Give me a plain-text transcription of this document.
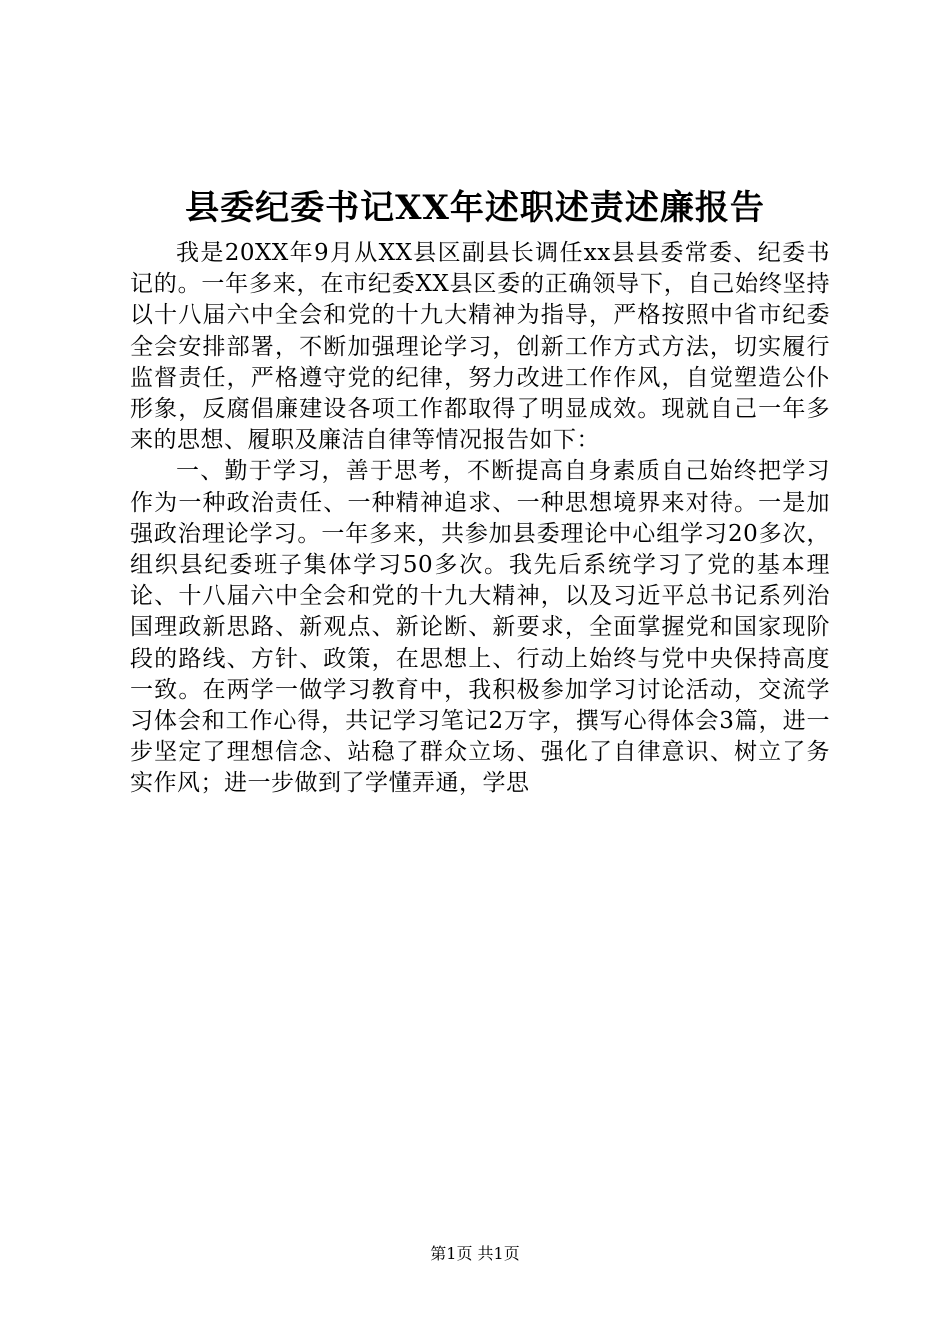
县委纪委书记XX年述职述责述廉报告

我是20XX年9月从XX县区副县长调任xx县县委常委、纪委书记的。一年多来，在市纪委XX县区委的正确领导下，自己始终坚持以十八届六中全会和党的十九大精神为指导，严格按照中省市纪委全会安排部署，不断加强理论学习，创新工作方式方法，切实履行监督责任，严格遵守党的纪律，努力改进工作作风，自觉塑造公仆形象，反腐倡廉建设各项工作都取得了明显成效。现就自己一年多来的思想、履职及廉洁自律等情况报告如下：

一、勤于学习，善于思考，不断提高自身素质自己始终把学习作为一种政治责任、一种精神追求、一种思想境界来对待。一是加强政治理论学习。一年多来，共参加县委理论中心组学习20多次，组织县纪委班子集体学习50多次。我先后系统学习了党的基本理论、十八届六中全会和党的十九大精神，以及习近平总书记系列治国理政新思路、新观点、新论断、新要求，全面掌握党和国家现阶段的路线、方针、政策，在思想上、行动上始终与党中央保持高度一致。在两学一做学习教育中，我积极参加学习讨论活动，交流学习体会和工作心得，共记学习笔记2万字，撰写心得体会3篇，进一步坚定了理想信念、站稳了群众立场、强化了自律意识、树立了务实作风；进一步做到了学懂弄通，学思

第1页 共1页
